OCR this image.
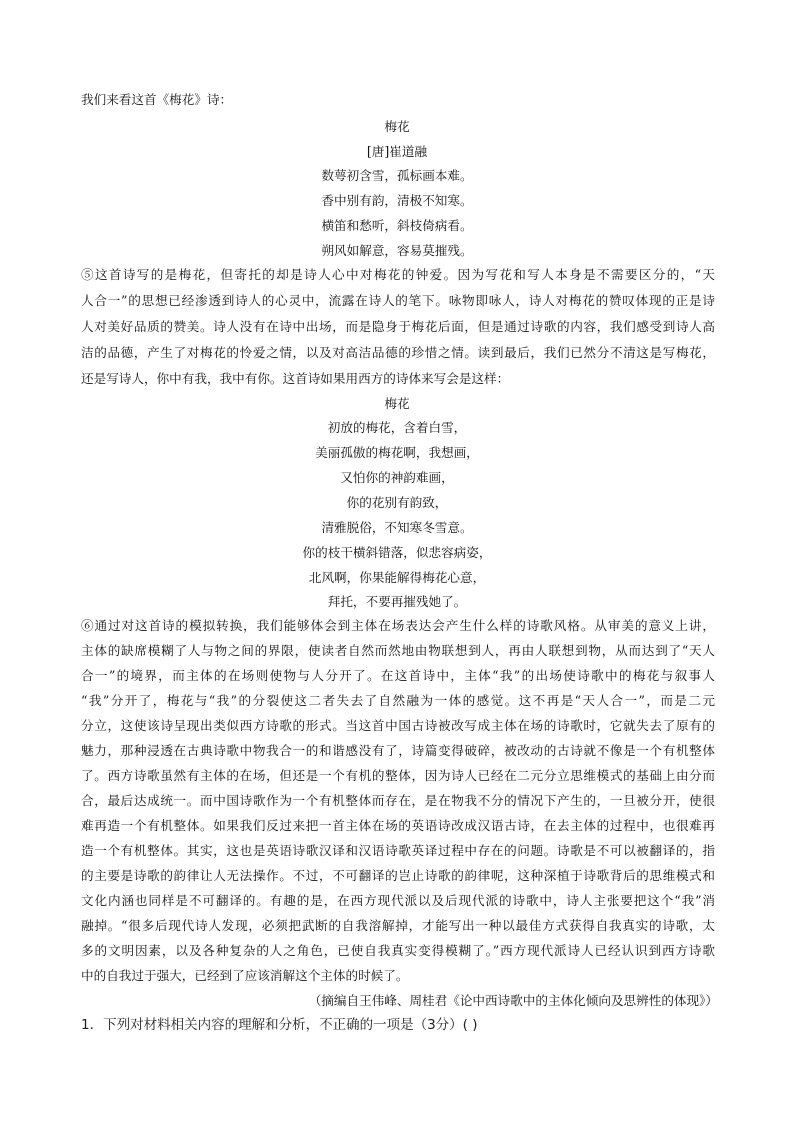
我们来看这首《梅花》诗：
梅花
[唐]崔道融
数萼初含雪，孤标画本难。
香中别有韵，清极不知寒。
横笛和愁听，斜枝倚病看。
朔风如解意，容易莫摧残。
⑤这首诗写的是梅花，但寄托的却是诗人心中对梅花的钟爱。因为写花和写人本身是不需要区分的，“天
人合一”的思想已经渗透到诗人的心灵中，流露在诗人的笔下。咏物即咏人，诗人对梅花的赞叹体现的正是诗
人对美好品质的赞美。诗人没有在诗中出场，而是隐身于梅花后面，但是通过诗歌的内容，我们感受到诗人高
洁的品德，产生了对梅花的怜爱之情，以及对高洁品德的珍惜之情。读到最后，我们已然分不清这是写梅花，
还是写诗人，你中有我，我中有你。这首诗如果用西方的诗体来写会是这样：
梅花
初放的梅花，含着白雪，
美丽孤傲的梅花啊，我想画，
又怕你的神韵难画，
你的花别有韵致，
清雅脱俗，不知寒冬雪意。
你的枝干横斜错落，似悲容病姿，
北风啊，你果能解得梅花心意，
拜托，不要再摧残她了。
⑥通过对这首诗的模拟转换，我们能够体会到主体在场表达会产生什么样的诗歌风格。从审美的意义上讲，
主体的缺席模糊了人与物之间的界限，使读者自然而然地由物联想到人，再由人联想到物，从而达到了“天人
合一”的境界，而主体的在场则使物与人分开了。在这首诗中，主体“我”的出场使诗歌中的梅花与叙事人
“我”分开了，梅花与“我”的分裂使这二者失去了自然融为一体的感觉。这不再是“天人合一”，而是二元
分立，这使该诗呈现出类似西方诗歌的形式。当这首中国古诗被改写成主体在场的诗歌时，它就失去了原有的
魅力，那种浸透在古典诗歌中物我合一的和谐感没有了，诗篇变得破碎，被改动的古诗就不像是一个有机整体
了。西方诗歌虽然有主体的在场，但还是一个有机的整体，因为诗人已经在二元分立思维模式的基础上由分而
合，最后达成统一。而中国诗歌作为一个有机整体而存在，是在物我不分的情况下产生的，一旦被分开，使很
难再造一个有机整体。如果我们反过来把一首主体在场的英语诗改成汉语古诗，在去主体的过程中，也很难再
造一个有机整体。其实，这也是英语诗歌汉译和汉语诗歌英译过程中存在的问题。诗歌是不可以被翻译的，指
的主要是诗歌的韵律让人无法操作。不过，不可翻译的岂止诗歌的韵律呢，这种深植于诗歌背后的思维模式和
文化内涵也同样是不可翻译的。有趣的是，在西方现代派以及后现代派的诗歌中，诗人主张要把这个“我”消
融掉。“很多后现代诗人发现，必须把武断的自我溶解掉，才能写出一种以最佳方式获得自我真实的诗歌，太
多的文明因素，以及各种复杂的人之角色，已使自我真实变得模糊了。”西方现代派诗人已经认识到西方诗歌
中的自我过于强大，已经到了应该消解这个主体的时候了。
（摘编自王伟峰、周桂君《论中西诗歌中的主体化倾向及思辨性的体现》）
1．下列对材料相关内容的理解和分析，不正确的一项是（3分）( )
